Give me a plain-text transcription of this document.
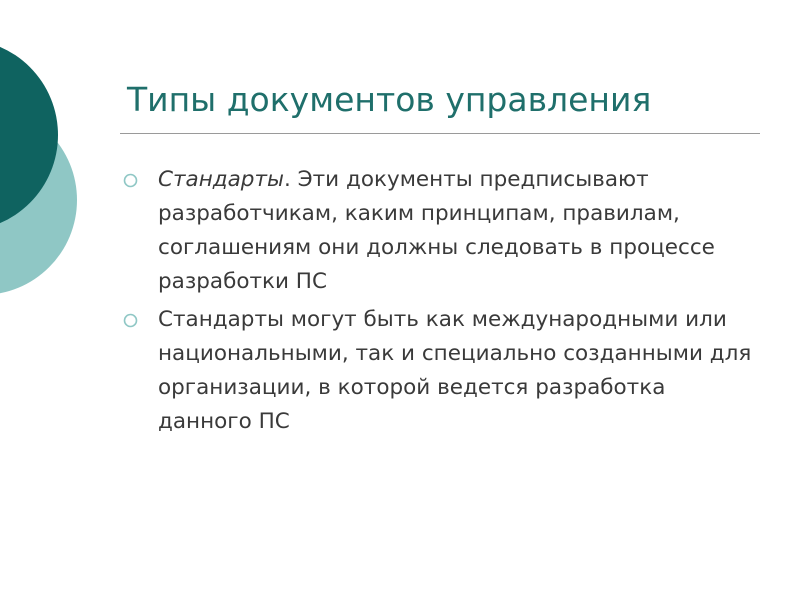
Типы документов управления
Стандарты. Эти документы предписывают разработчикам, каким принципам, правилам, соглашениям они должны следовать в процессе разработки ПС
Стандарты могут быть как международными или национальными, так и специально созданными для организации, в которой ведется разработка данного ПС
